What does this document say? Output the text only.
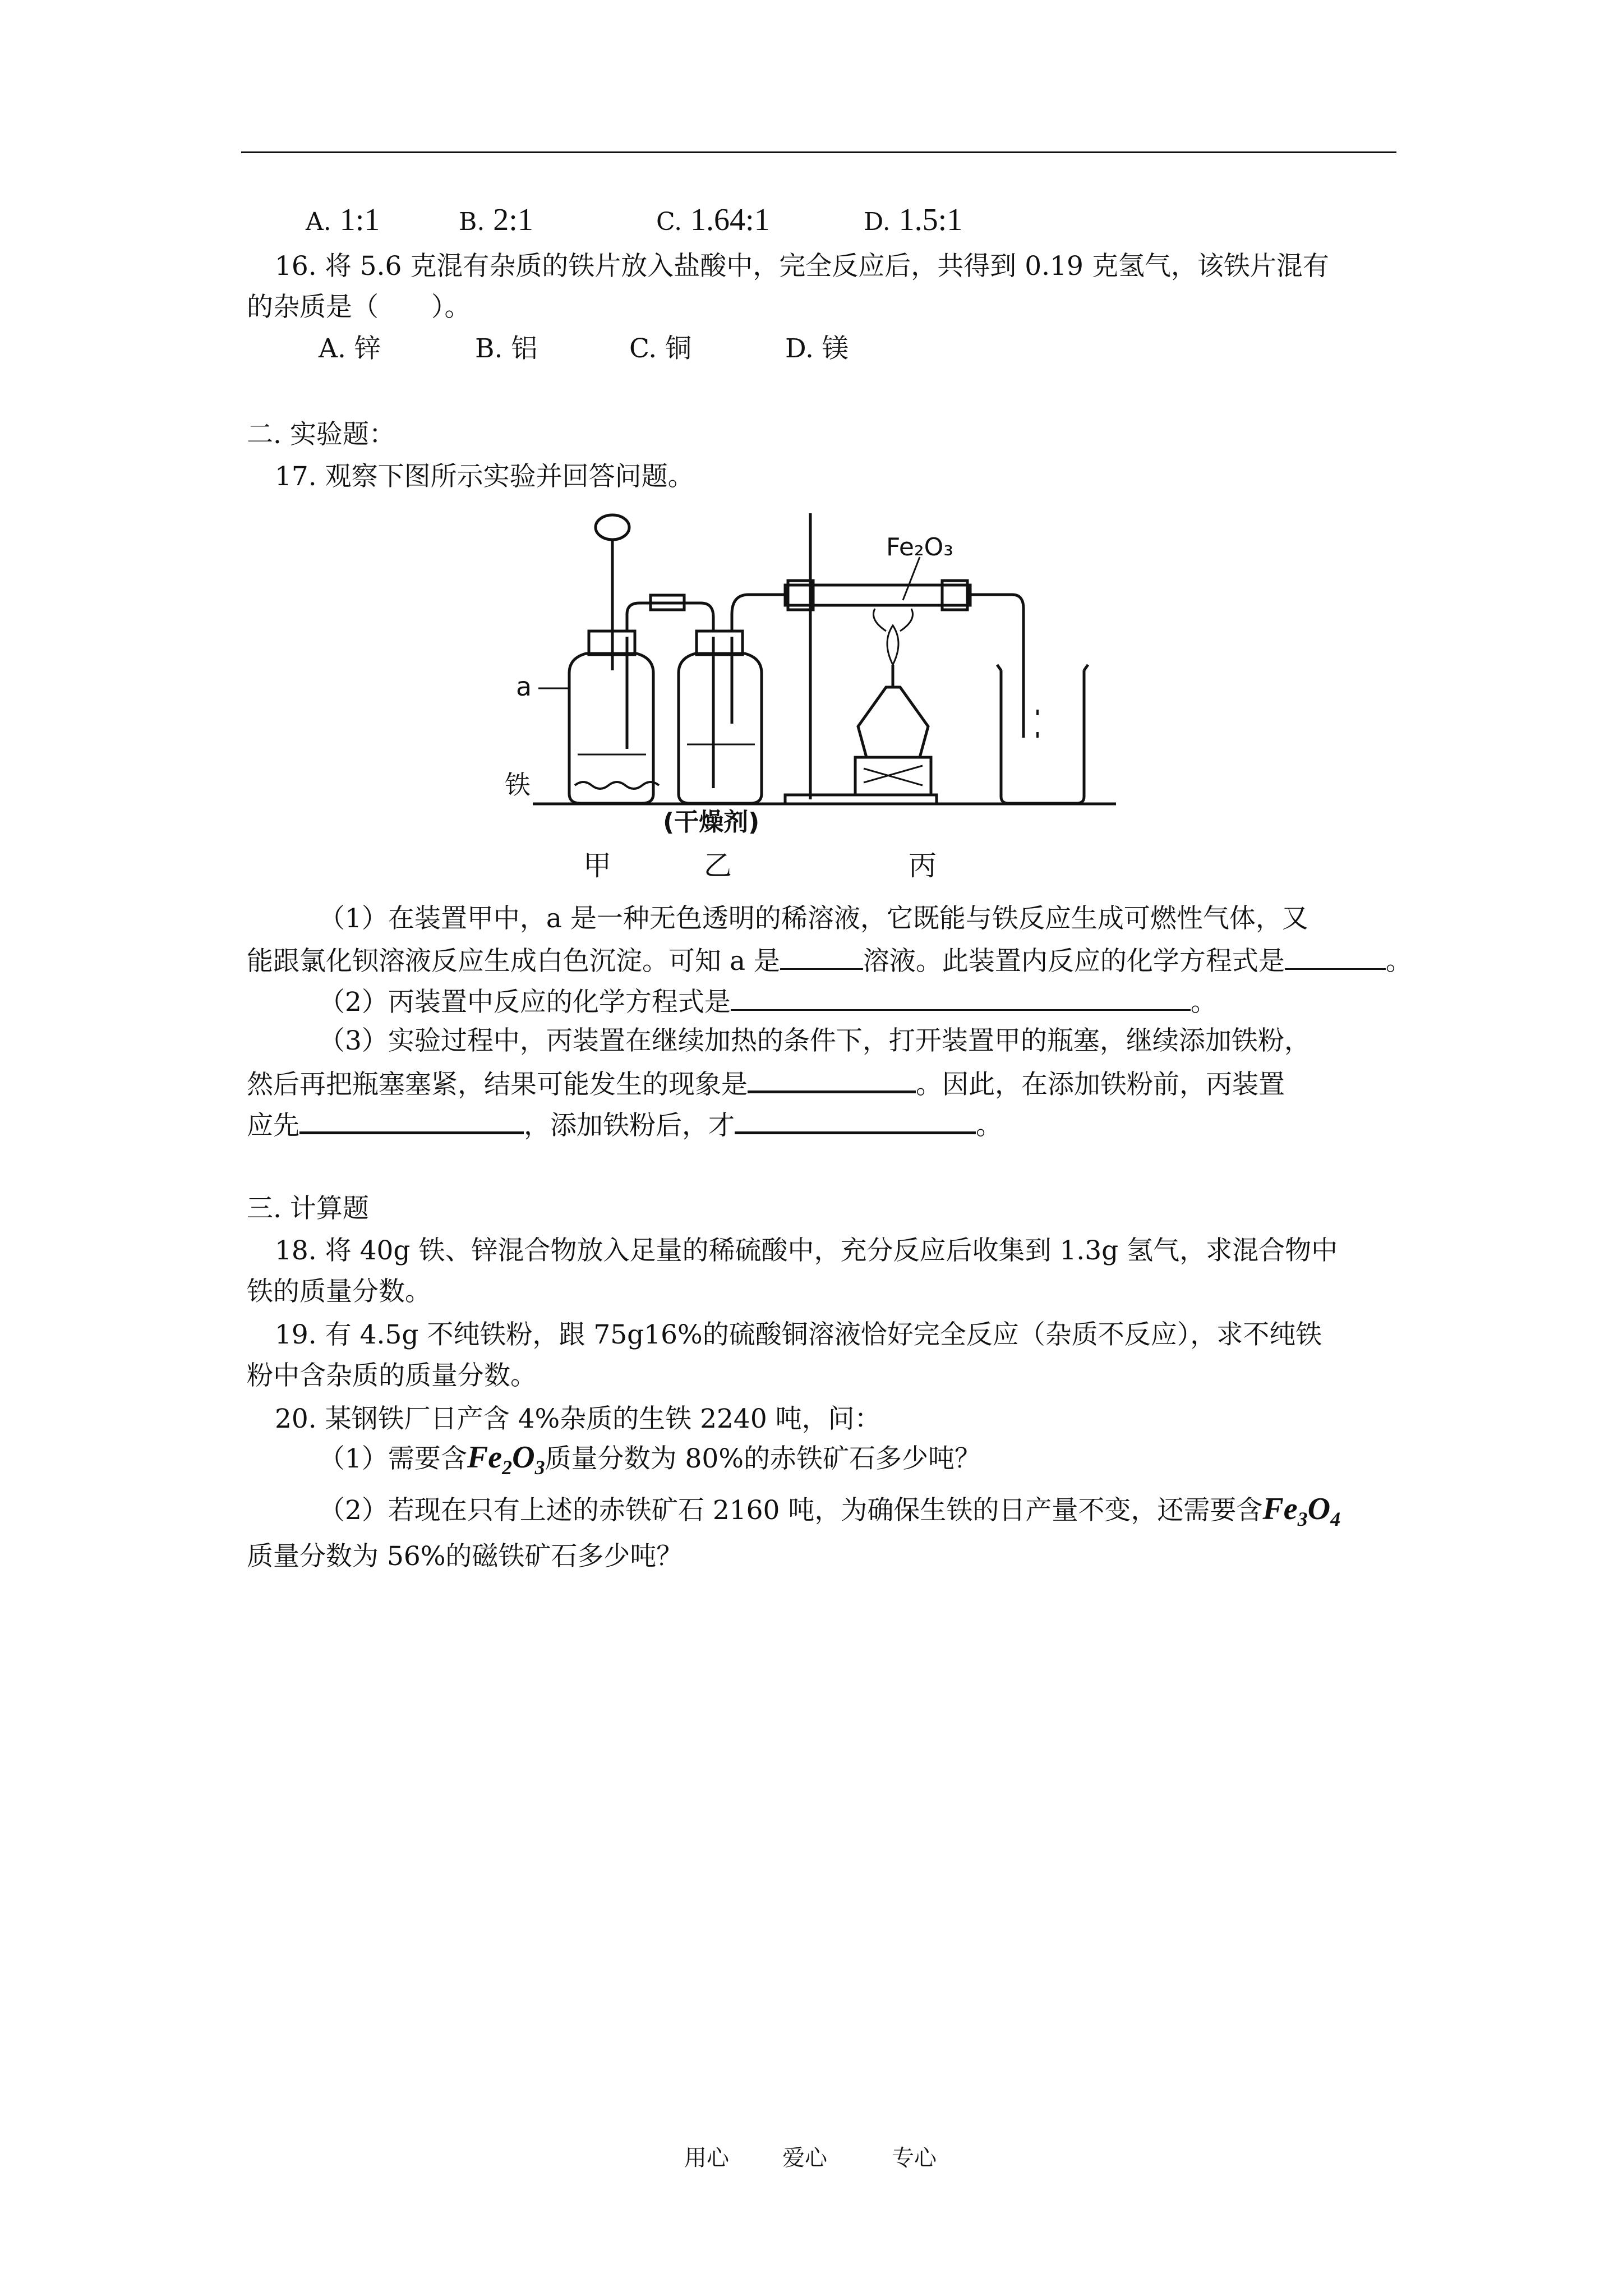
A. 1:1	B. 2:1	C. 1.64:1	D. 1.5:1
16. 将 5.6 克混有杂质的铁片放入盐酸中，完全反应后，共得到 0.19 克氢气，该铁片混有
的杂质是（　　）。
A. 锌	B. 铝	C. 铜	D. 镁
二. 实验题：
17. 观察下图所示实验并回答问题。
Fe₂O₃
a
铁
(干燥剂)
甲	乙	丙
（1）在装置甲中，a 是一种无色透明的稀溶液，它既能与铁反应生成可燃性气体，又
能跟氯化钡溶液反应生成白色沉淀。可知 a 是	溶液。此装置内反应的化学方程式是	。
（2）丙装置中反应的化学方程式是	。
（3）实验过程中，丙装置在继续加热的条件下，打开装置甲的瓶塞，继续添加铁粉，
然后再把瓶塞塞紧，结果可能发生的现象是	。因此，在添加铁粉前，丙装置
应先	，添加铁粉后，才	。
三. 计算题
18. 将 40g 铁、锌混合物放入足量的稀硫酸中，充分反应后收集到 1.3g 氢气，求混合物中
铁的质量分数。
19. 有 4.5g 不纯铁粉，跟 75g16%的硫酸铜溶液恰好完全反应（杂质不反应），求不纯铁
粉中含杂质的质量分数。
20. 某钢铁厂日产含 4%杂质的生铁 2240 吨，问：
（1）需要含$Fe_2O_3$质量分数为 80%的赤铁矿石多少吨？
（2）若现在只有上述的赤铁矿石 2160 吨，为确保生铁的日产量不变，还需要含$Fe_3O_4$
质量分数为 56%的磁铁矿石多少吨？
用心 爱心	专心
